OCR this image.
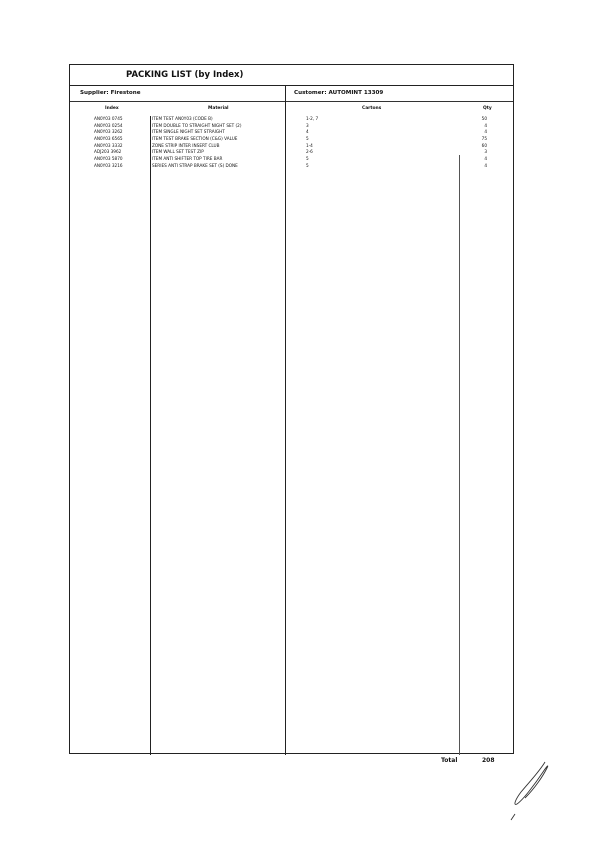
PACKING LIST (by Index)
Supplier: Firestone	Customer: AUTOMINT 13309
Index	Material	Cartons	Qty
AN0Y03 0745	ITEM TEST AN0Y03 (CODE B)	1-2, 7	50
AN0Y03 0254	ITEM DOUBLE TO STRAIGHT NIGHT SET (2)	3	4
AN0Y03 3262	ITEM SINGLE NIGHT SET STRAIGHT	4	4
AN0Y03 6565	ITEM TEST BRAKE SECTION (C&G) VALUE	5	75
AN0Y03 3332	ZONE STRIP INTER INSERT CLUB	1-4	60
ADJ203 3962	ITEM WALL SET TEST ZIP	2-6	3
AN0Y03 5870	ITEM ANTI SHIFTER TOP TIRE BAR	5	4
AN0Y03 3216	SERIES ANTI STRAP BRAKE SET (S) DONE	5	4
Total	208
